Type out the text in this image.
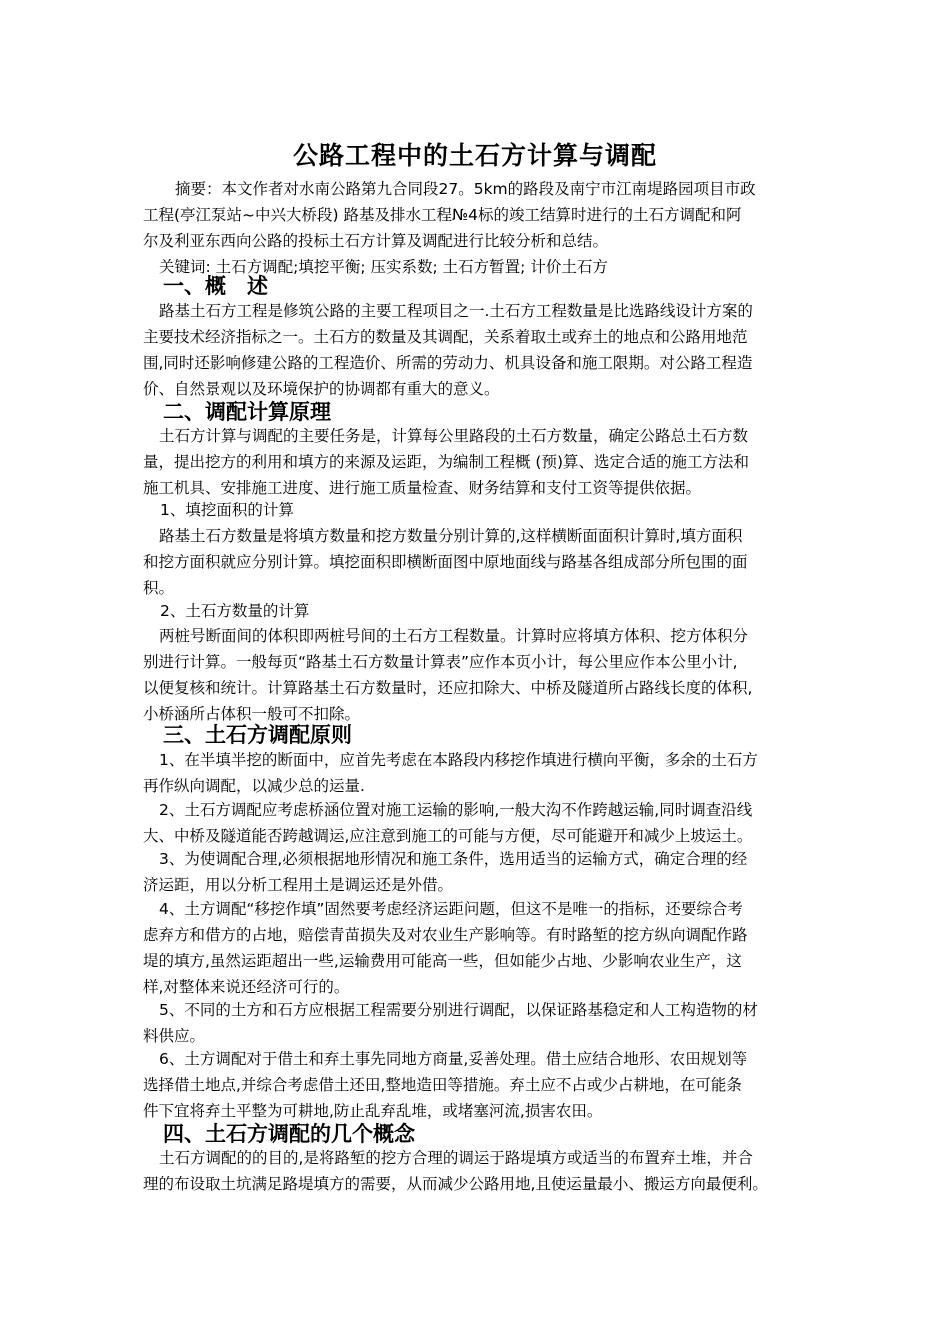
公路工程中的土石方计算与调配

摘要：本文作者对水南公路第九合同段27。5km的路段及南宁市江南堤路园项目市政

工程(亭江泵站~中兴大桥段) 路基及排水工程№4标的竣工结算时进行的土石方调配和阿

尔及利亚东西向公路的投标土石方计算及调配进行比较分析和总结。

关键词: 土石方调配;填挖平衡; 压实系数; 土石方暂置; 计价土石方

一、概　述

路基土石方工程是修筑公路的主要工程项目之一.土石方工程数量是比选路线设计方案的

主要技术经济指标之一。土石方的数量及其调配，关系着取土或弃土的地点和公路用地范

围,同时还影响修建公路的工程造价、所需的劳动力、机具设备和施工限期。对公路工程造

价、自然景观以及环境保护的协调都有重大的意义。

二、调配计算原理

土石方计算与调配的主要任务是，计算每公里路段的土石方数量，确定公路总土石方数

量，提出挖方的利用和填方的来源及运距，为编制工程概 (预)算、选定合适的施工方法和

施工机具、安排施工进度、进行施工质量检查、财务结算和支付工资等提供依据。

1、填挖面积的计算

路基土石方数量是将填方数量和挖方数量分别计算的,这样横断面面积计算时,填方面积

和挖方面积就应分别计算。填挖面积即横断面图中原地面线与路基各组成部分所包围的面

积。

2、土石方数量的计算

两桩号断面间的体积即两桩号间的土石方工程数量。计算时应将填方体积、挖方体积分

别进行计算。一般每页“路基土石方数量计算表”应作本页小计，每公里应作本公里小计,

以便复核和统计。计算路基土石方数量时，还应扣除大、中桥及隧道所占路线长度的体积,

小桥涵所占体积一般可不扣除。

三、土石方调配原则

1、在半填半挖的断面中，应首先考虑在本路段内移挖作填进行横向平衡，多余的土石方

再作纵向调配，以减少总的运量.

2、土石方调配应考虑桥涵位置对施工运输的影响,一般大沟不作跨越运输,同时调查沿线

大、中桥及隧道能否跨越调运,应注意到施工的可能与方便，尽可能避开和减少上坡运土。

3、为使调配合理,必须根据地形情况和施工条件，选用适当的运输方式，确定合理的经

济运距，用以分析工程用土是调运还是外借。

4、土方调配“移挖作填”固然要考虑经济运距问题，但这不是唯一的指标，还要综合考

虑弃方和借方的占地，赔偿青苗损失及对农业生产影响等。有时路堑的挖方纵向调配作路

堤的填方,虽然运距超出一些,运输费用可能高一些，但如能少占地、少影响农业生产，这

样,对整体来说还经济可行的。

5、不同的土方和石方应根据工程需要分别进行调配，以保证路基稳定和人工构造物的材

料供应。

6、土方调配对于借土和弃土事先同地方商量,妥善处理。借土应结合地形、农田规划等

选择借土地点,并综合考虑借土还田,整地造田等措施。弃土应不占或少占耕地，在可能条

件下宜将弃土平整为可耕地,防止乱弃乱堆，或堵塞河流,损害农田。

四、土石方调配的几个概念

土石方调配的的目的,是将路堑的挖方合理的调运于路堤填方或适当的布置弃土堆，并合

理的布设取土坑满足路堤填方的需要，从而减少公路用地,且使运量最小、搬运方向最便利。
